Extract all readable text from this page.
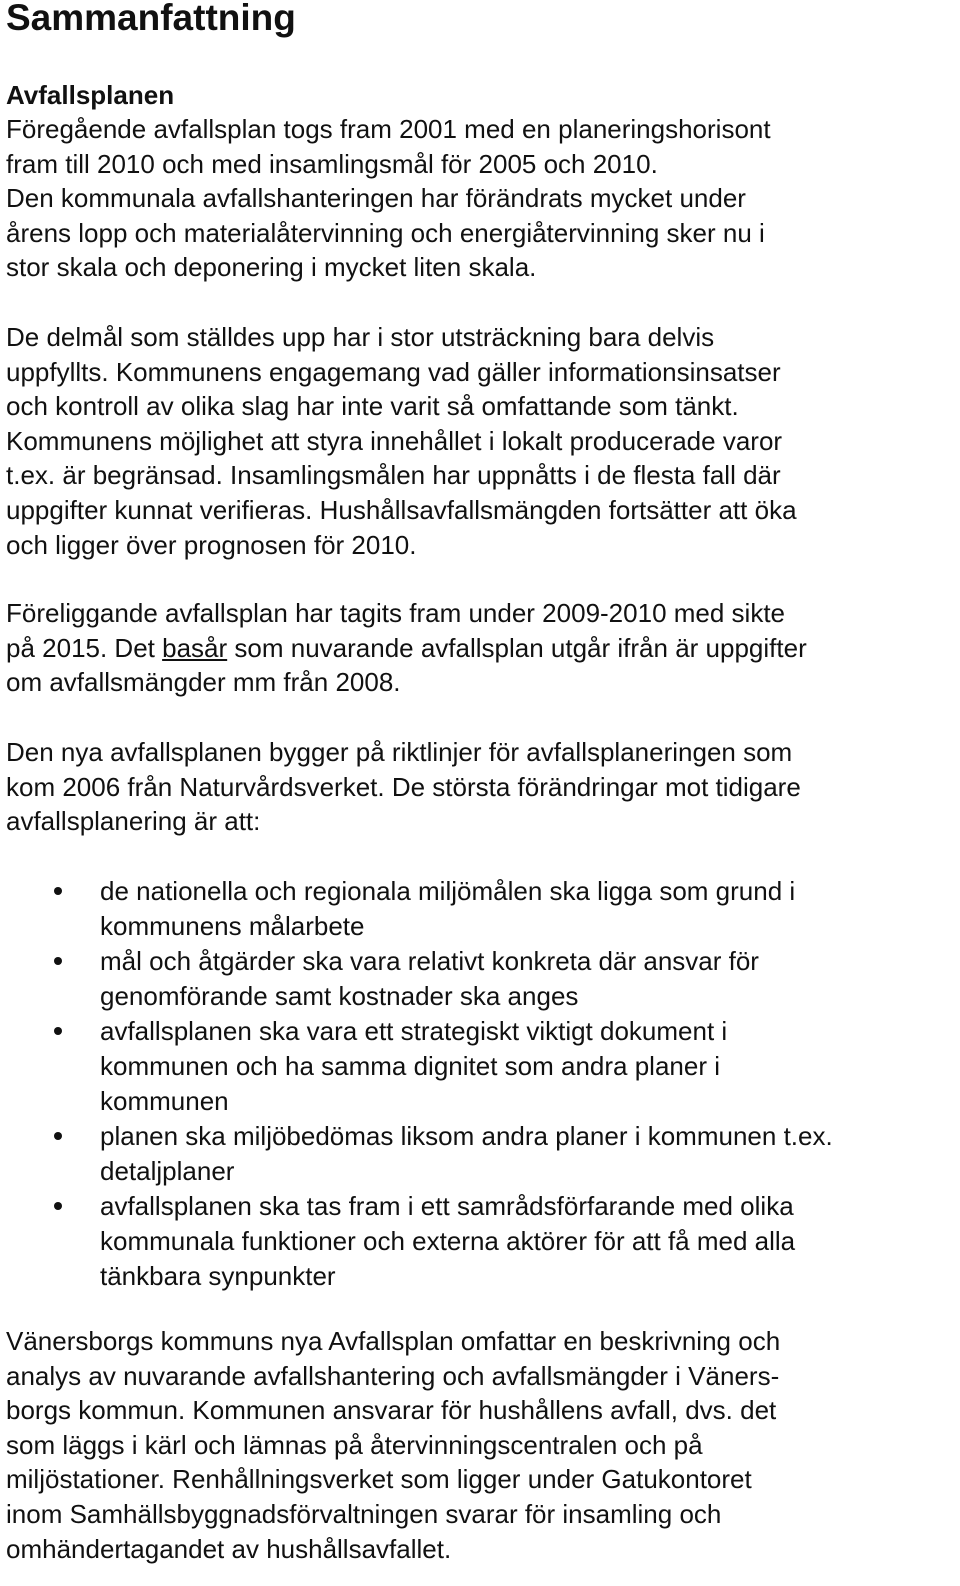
Sammanfattning
Avfallsplanen

Föregående avfallsplan togs fram 2001 med en planeringshorisont
fram till 2010 och med insamlingsmål för 2005 och 2010.
Den kommunala avfallshanteringen har förändrats mycket under
årens lopp och materialåtervinning och energiåtervinning sker nu i
stor skala och deponering i mycket liten skala.

De delmål som ställdes upp har i stor utsträckning bara delvis
uppfyllts. Kommunens engagemang vad gäller informationsinsatser
och kontroll av olika slag har inte varit så omfattande som tänkt.
Kommunens möjlighet att styra innehållet i lokalt producerade varor
t.ex. är begränsad. Insamlingsmålen har uppnåtts i de flesta fall där
uppgifter kunnat verifieras. Hushållsavfallsmängden fortsätter att öka
och ligger över prognosen för 2010.

Föreliggande avfallsplan har tagits fram under 2009-2010 med sikte
på 2015. Det basår som nuvarande avfallsplan utgår ifrån är uppgifter
om avfallsmängder mm från 2008.

Den nya avfallsplanen bygger på riktlinjer för avfallsplaneringen som
kom 2006 från Naturvårdsverket. De största förändringar mot tidigare
avfallsplanering är att:

de nationella och regionala miljömålen ska ligga som grund i
kommunens målarbete
mål och åtgärder ska vara relativt konkreta där ansvar för
genomförande samt kostnader ska anges
avfallsplanen ska vara ett strategiskt viktigt dokument i
kommunen och ha samma dignitet som andra planer i
kommunen
planen ska miljöbedömas liksom andra planer i kommunen t.ex.
detaljplaner
avfallsplanen ska tas fram i ett samrådsförfarande med olika
kommunala funktioner och externa aktörer för att få med alla
tänkbara synpunkter

Vänersborgs kommuns nya Avfallsplan omfattar en beskrivning och
analys av nuvarande avfallshantering och avfallsmängder i Väners-
borgs kommun. Kommunen ansvarar för hushållens avfall, dvs. det
som läggs i kärl och lämnas på återvinningscentralen och på
miljöstationer. Renhållningsverket som ligger under Gatukontoret
inom Samhällsbyggnadsförvaltningen svarar för insamling och
omhändertagandet av hushållsavfallet.
